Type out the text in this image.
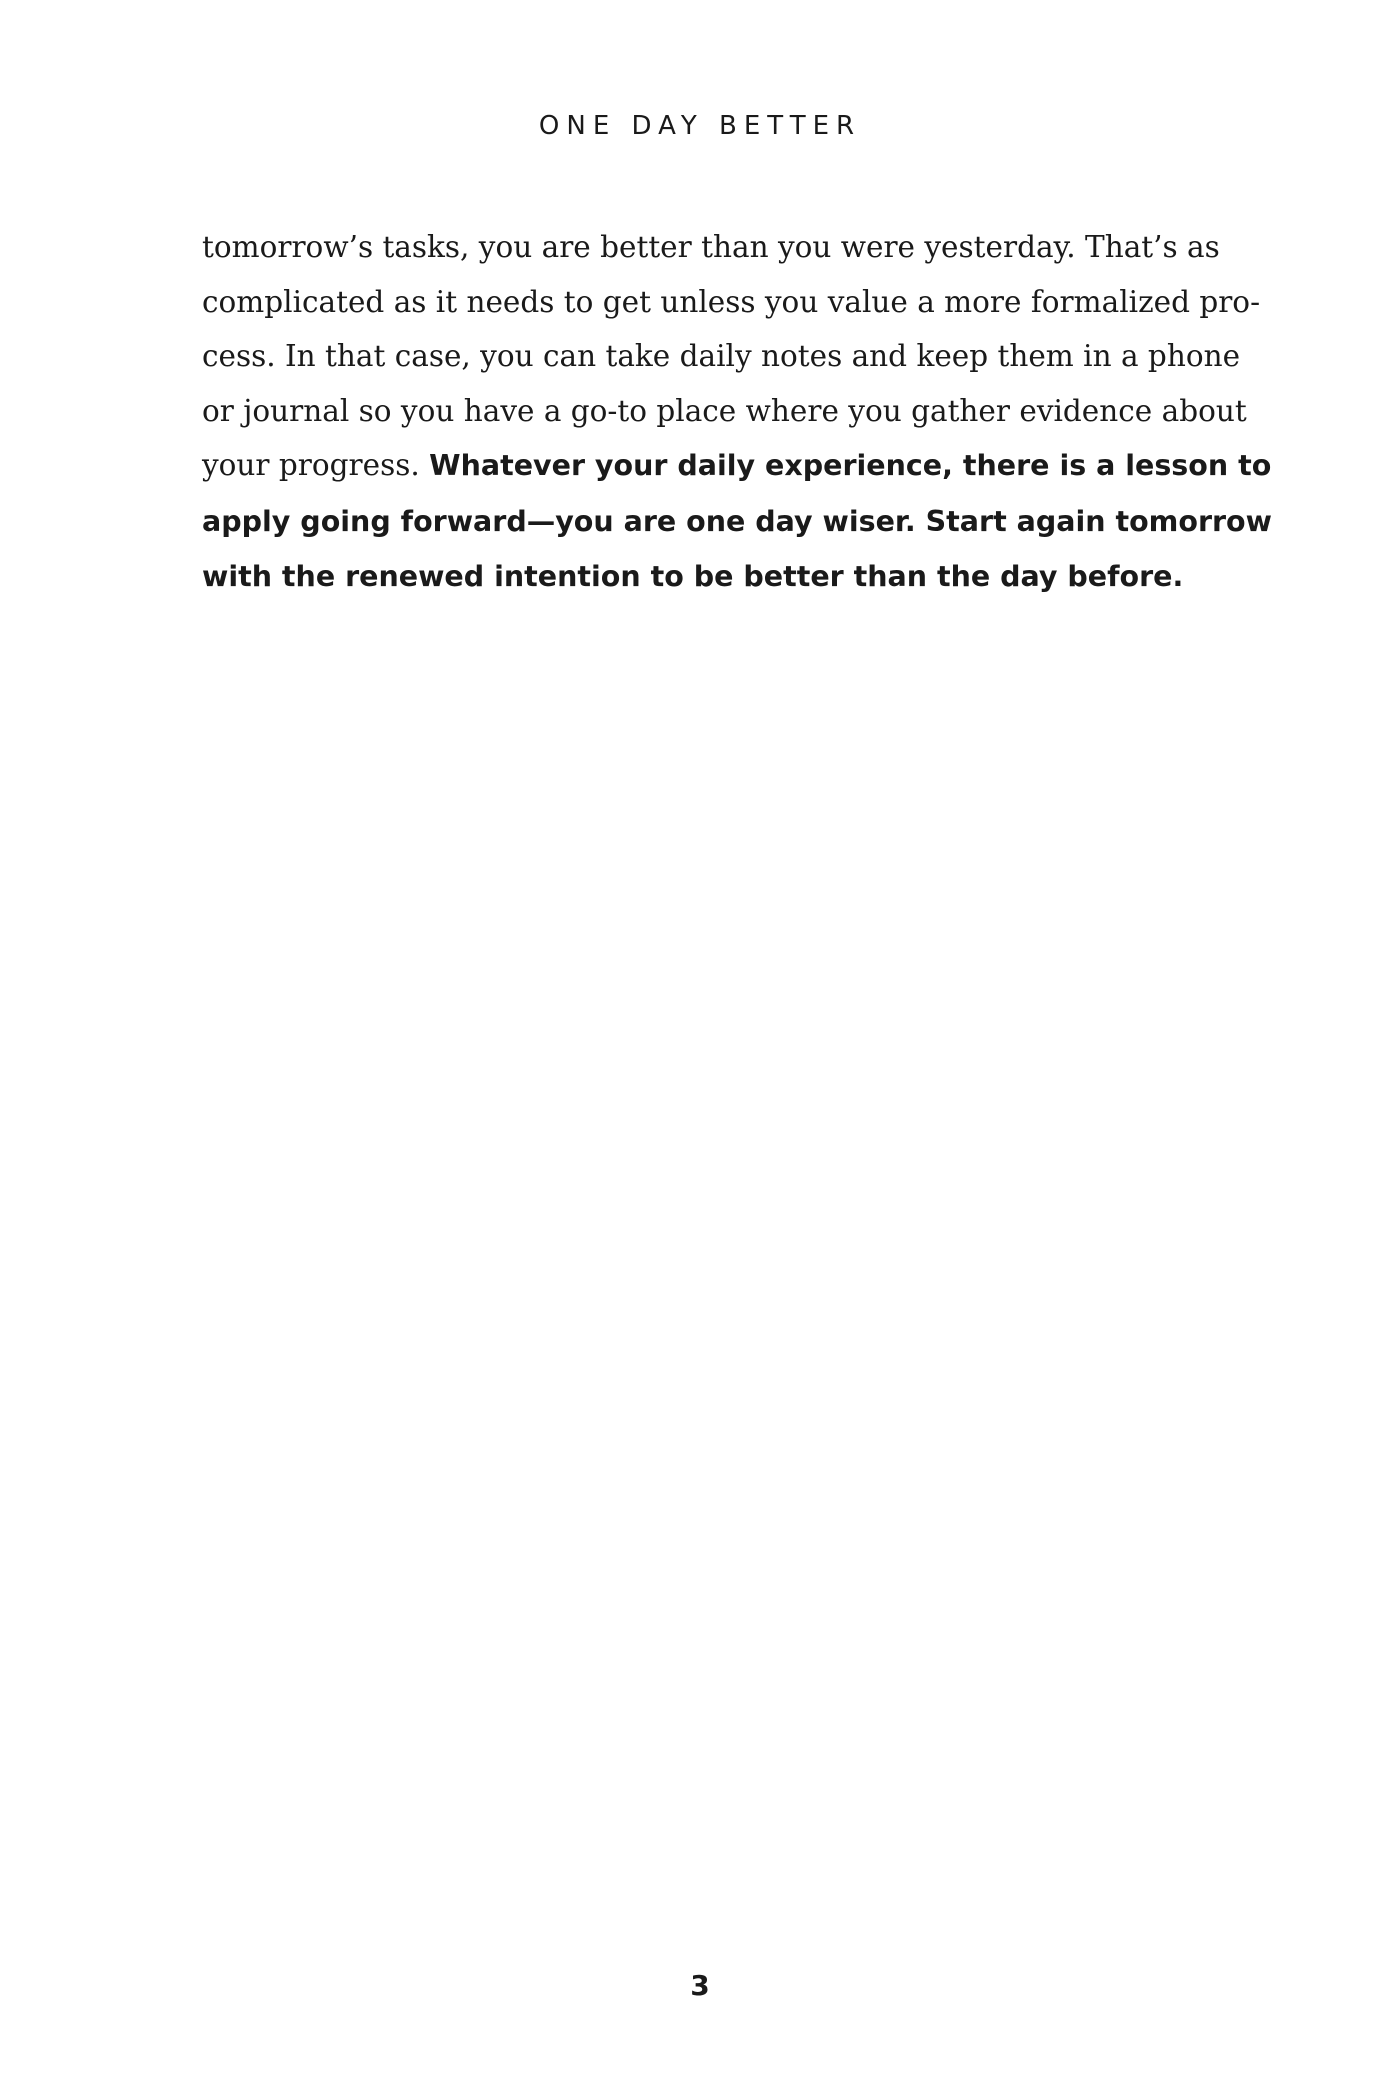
ONE DAY BETTER
tomorrow’s tasks, you are better than you were yesterday. That’s as
complicated as it needs to get unless you value a more formalized pro-
cess. In that case, you can take daily notes and keep them in a phone
or journal so you have a go-to place where you gather evidence about
your progress. Whatever your daily experience, there is a lesson to
apply going forward—you are one day wiser. Start again tomorrow
with the renewed intention to be better than the day before.
3
